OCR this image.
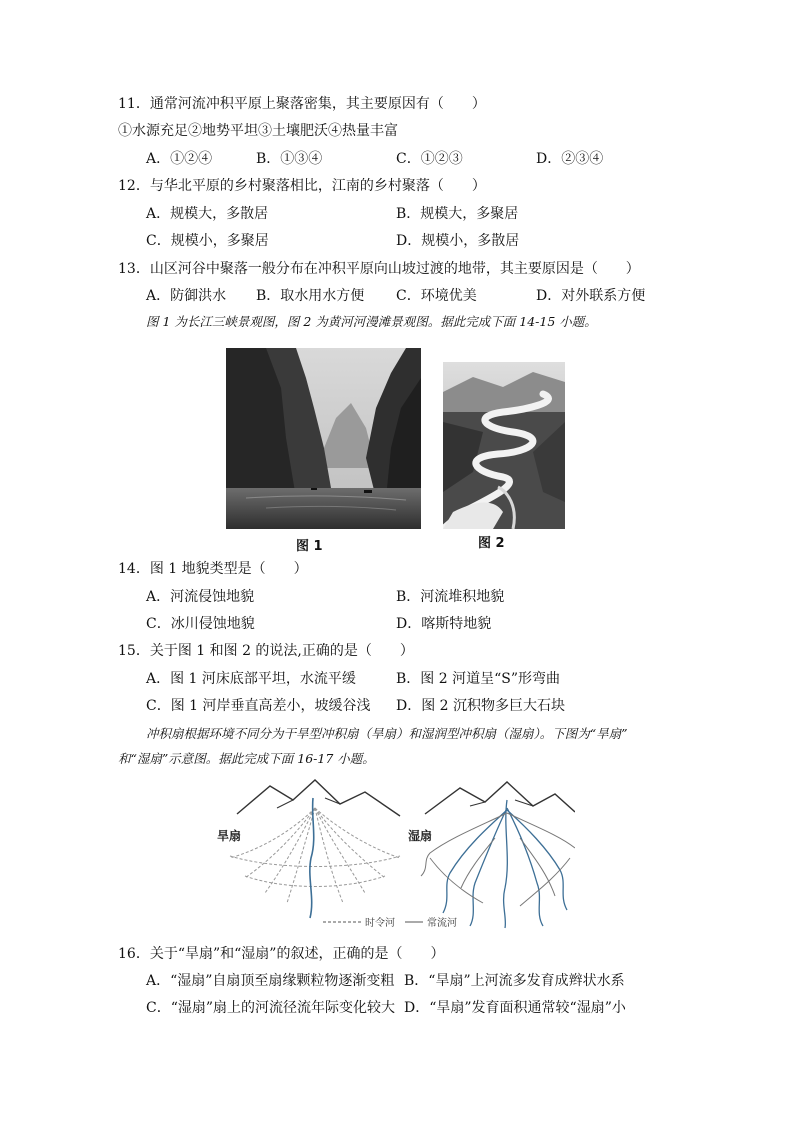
11．通常河流冲积平原上聚落密集，其主要原因有（　　）
①水源充足②地势平坦③土壤肥沃④热量丰富
A．①②④	B．①③④	C．①②③	D．②③④
12．与华北平原的乡村聚落相比，江南的乡村聚落（　　）
A．规模大，多散居	B．规模大，多聚居
C．规模小，多聚居	D．规模小，多散居
13．山区河谷中聚落一般分布在冲积平原向山坡过渡的地带，其主要原因是（　　）
A．防御洪水 B．取水用水方便 C．环境优美	D．对外联系方便
图 1 为长江三峡景观图，图 2 为黄河河漫滩景观图。据此完成下面 14-15 小题。
图 1	图 2
14．图 1 地貌类型是（　　）
A．河流侵蚀地貌	B．河流堆积地貌
C．冰川侵蚀地貌	D．喀斯特地貌
15．关于图 1 和图 2 的说法,正确的是（　　）
A．图 1 河床底部平坦，水流平缓	B．图 2 河道呈“S”形弯曲
C．图 1 河岸垂直高差小，坡缓谷浅 D．图 2 沉积物多巨大石块
冲积扇根据环境不同分为干旱型冲积扇（旱扇）和湿润型冲积扇（湿扇）。下图为“旱扇”
和“湿扇”示意图。据此完成下面 16-17 小题。
旱扇	湿扇
时令河	常流河
16．关于“旱扇”和“湿扇”的叙述，正确的是（　　）
A．“湿扇”自扇顶至扇缘颗粒物逐渐变粗 B．“旱扇”上河流多发育成辫状水系
C．“湿扇”扇上的河流径流年际变化较大 D．“旱扇”发育面积通常较“湿扇”小
